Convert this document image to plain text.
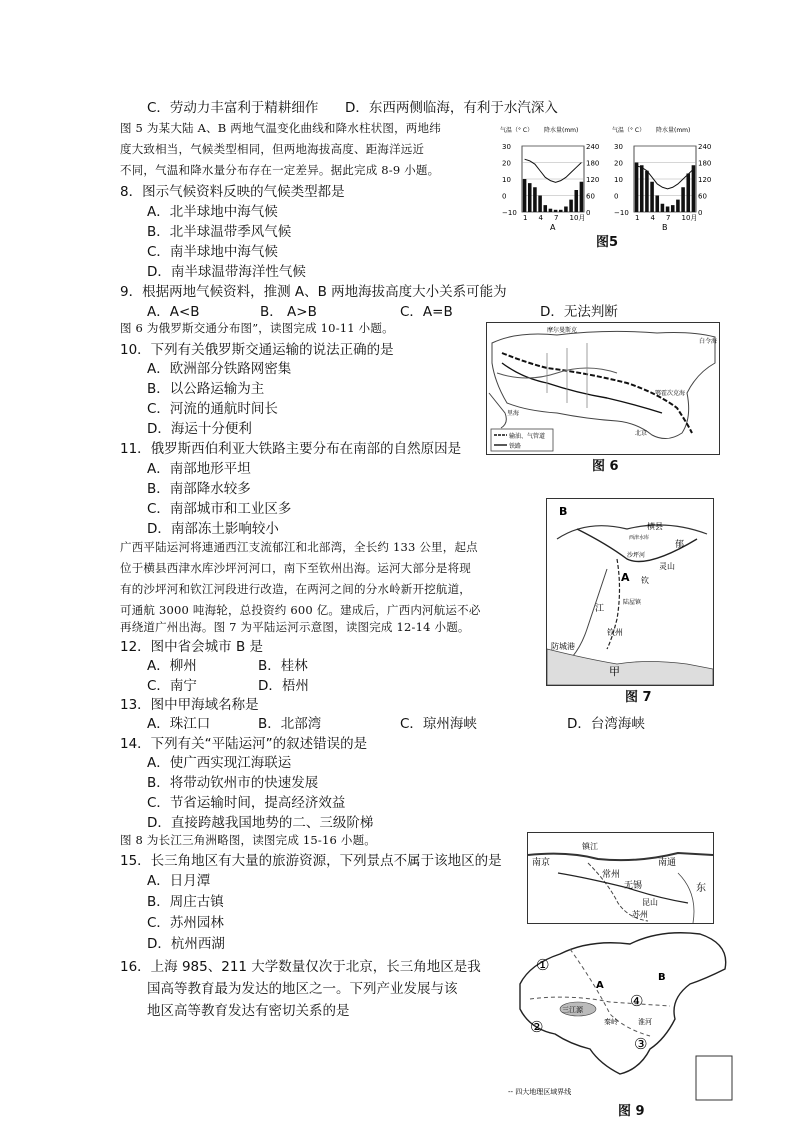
C．劳动力丰富利于精耕细作 D．东西两侧临海，有利于水汽深入
图 5 为某大陆 A、B 两地气温变化曲线和降水柱状图，两地纬
度大致相当，气候类型相同，但两地海拔高度、距海洋远近
不同，气温和降水量分布存在一定差异。据此完成 8-9 小题。
8．图示气候资料反映的气候类型都是
A．北半球地中海气候
B．北半球温带季风气候
C．南半球地中海气候
D．南半球温带海洋性气候
9．根据两地气候资料，推测 A、B 两地海拔高度大小关系可能为
A．A<B	B． A>B	C．A=B	D．无法判断
图 6 为俄罗斯交通分布图”，读图完成 10-11 小题。
10．下列有关俄罗斯交通运输的说法正确的是
A．欧洲部分铁路网密集
B．以公路运输为主
C．河流的通航时间长
D．海运十分便利
11．俄罗斯西伯利亚大铁路主要分布在南部的自然原因是
A．南部地形平坦
B．南部降水较多
C．南部城市和工业区多
D．南部冻土影响较小
广西平陆运河将連通西江支流郁江和北部湾，全长约 133 公里，起点
位于横县西津水库沙坪河河口，南下至钦州出海。运河大部分是将现
有的沙坪河和钦江河段进行改造，在两河之间的分水岭新开挖航道，
可通航 3000 吨海轮，总投资约 600 亿。建成后，广西内河航运不必
再绕道广州出海。图 7 为平陆运河示意图，读图完成 12-14 小题。
12．图中省会城市 B 是
A．柳州	B．桂林
C．南宁	D．梧州
13．图中甲海域名称是
A．珠江口	B．北部湾	C．琼州海峡	D．台湾海峡
14．下列有关“平陆运河”的叙述错误的是
A．使广西实现江海联运
B．将带动钦州市的快速发展
C．节省运输时间，提高经济效益
D．直接跨越我国地势的二、三级阶梯
图 8 为长江三角洲略图，读图完成 15-16 小题。
15．长三角地区有大量的旅游资源，下列景点不属于该地区的是
A．日月潭
B．周庄古镇
C．苏州园林
D．杭州西湖
16．上海 985、211 大学数量仅次于北京，长三角地区是我
国高等教育最为发达的地区之一。下列产业发展与该
地区高等教育发达有密切关系的是
气温（° C） 降水量(mm)
30
20
10
0
−10
240
180
120
60
0
1 4 7 10月
A
气温（° C） 降水量(mm)
30
20
10
0
−10
240
180
120
60
0
1 4 7 10月
B
图5
输油、气管道
铁路
摩尔曼斯克
白令海
鄂霍次克海
北京
里海
图 6
B
A
横县
郁
江
灵山
沙坪河
陆屋镇
钦州
防城港
甲
西津水库
钦
图 7
南京
镇江
南通
常州
无锡
昆山
苏州
东
三江源
①
②
③
④
A
B
秦岭	淮河
-- 四大地理区域界线
图 9
